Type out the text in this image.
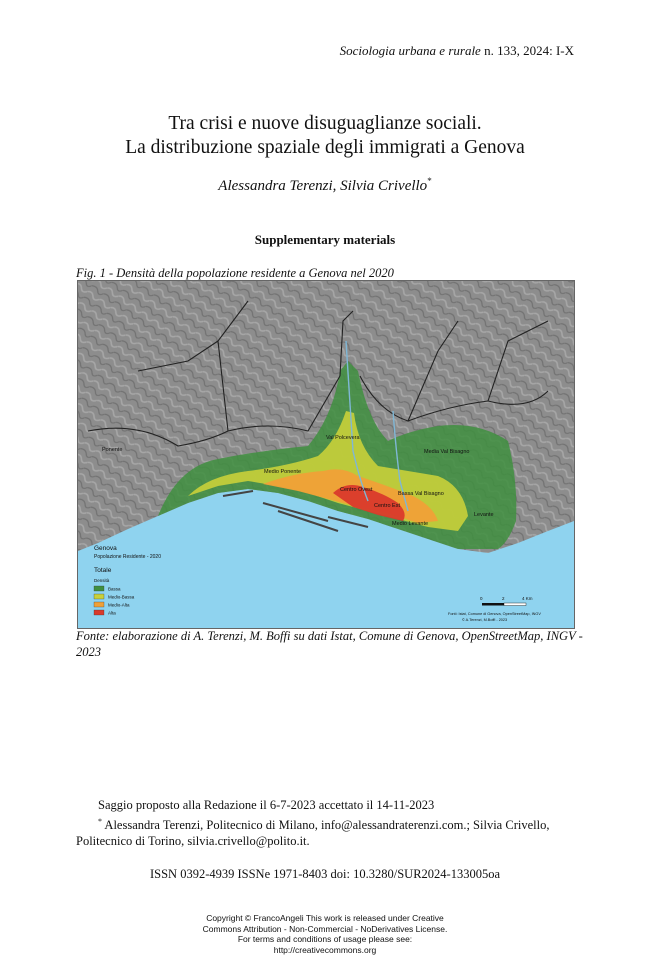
Sociologia urbana e rurale n. 133, 2024: I-X
Tra crisi e nuove disuguaglianze sociali.
La distribuzione spaziale degli immigrati a Genova
Alessandra Terenzi, Silvia Crivello*
Supplementary materials
Fig. 1 - Densità della popolazione residente a Genova nel 2020
Val Polcevera
Ponente
Medio Ponente
Media Val Bisagno
Centro Ovest
Bassa Val Bisagno
Centro Est
Medio Levante
Levante
Genova
Popolazione Residente - 2020
Totale
Densità
Bassa
Medio-Bassa
Medio-Alta
Alta
0	2	4 Km
Fonti: Istat, Comune di Genova, OpenStreetMap, INGV
© A.Terenzi, M.Boffi - 2023
Fonte: elaborazione di A. Terenzi, M. Boffi su dati Istat, Comune di Genova, OpenStreetMap, INGV - 2023
Saggio proposto alla Redazione il 6-7-2023 accettato il 14-11-2023
* Alessandra Terenzi, Politecnico di Milano, info@alessandraterenzi.com.; Silvia Crivello, Politecnico di Torino, silvia.crivello@polito.it.
ISSN 0392-4939 ISSNe 1971-8403 doi: 10.3280/SUR2024-133005oa
Copyright © FrancoAngeli This work is released under Creative
Commons Attribution - Non-Commercial - NoDerivatives License.
For terms and conditions of usage please see:
http://creativecommons.org
